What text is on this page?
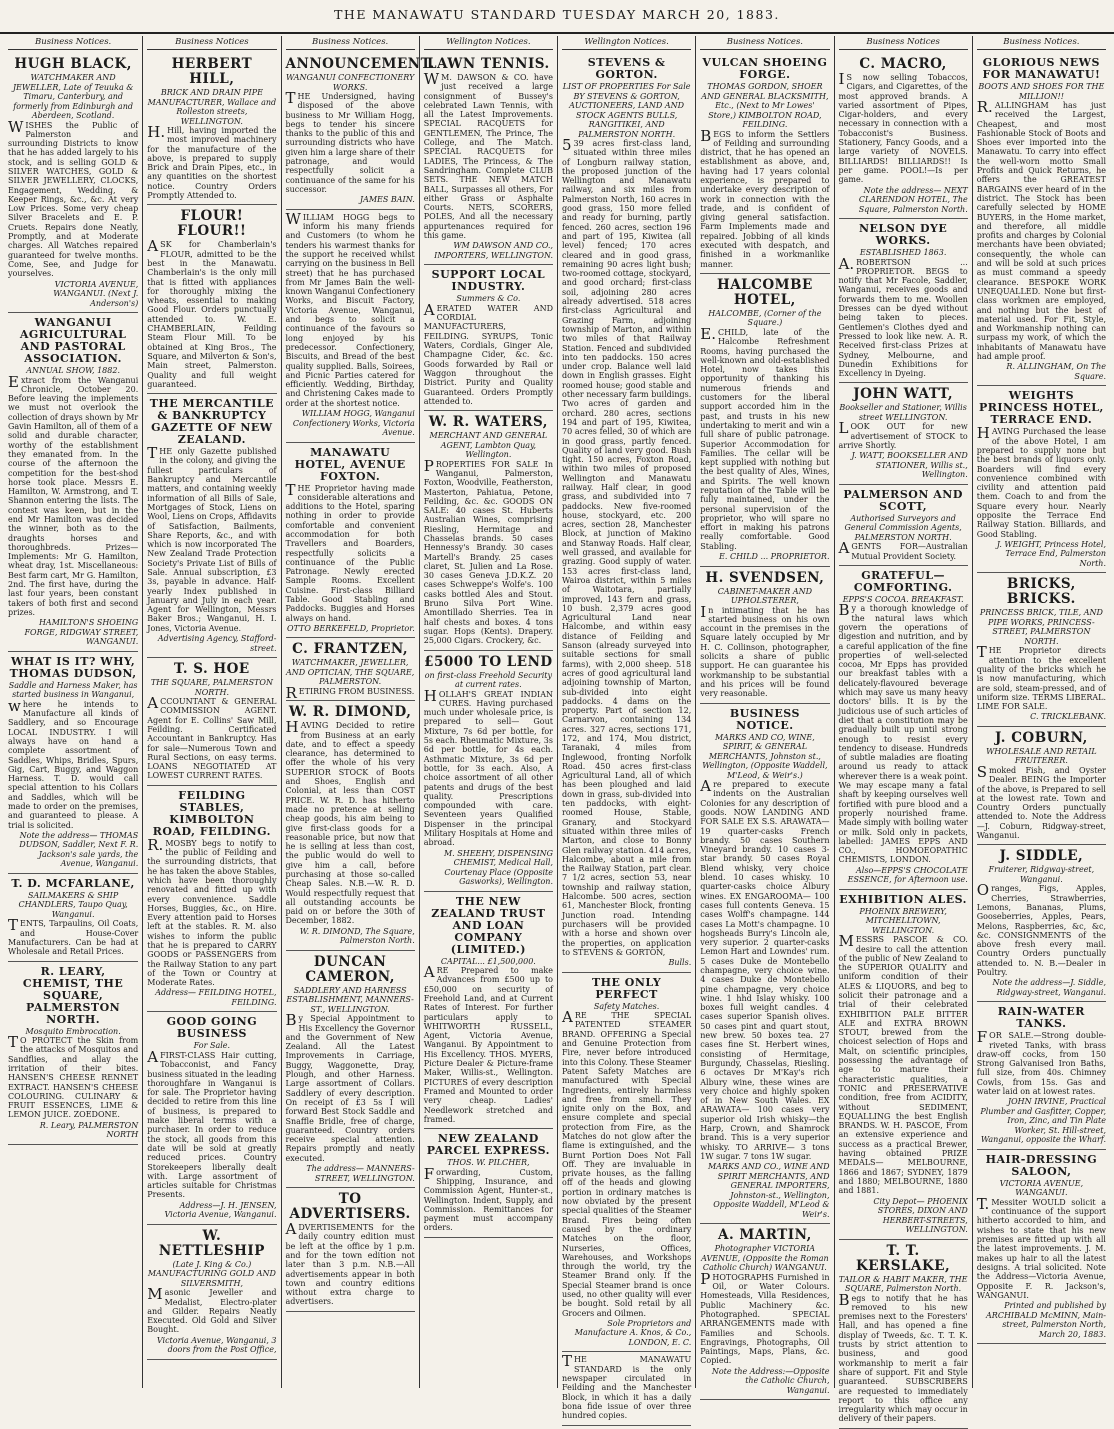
THE MANAWATU STANDARD TUESDAY MARCH 20, 1883.
Business Notices.
HUGH BLACK,
WATCHMAKER AND JEWELLER, Late of Teuuka & Timaru, Canterbury, and formerly from Edinburgh and Aberdeen, Scotland.
WISHES the Public of Palmerston and surrounding Districts to know that he has added largely to his stock, and is selling GOLD & SILVER WATCHES, GOLD & SILVER JEWELLERY, CLOCKS, Engagement, Wedding, & Keeper Rings, &c., &c. At very Low Prices. Some very cheap Silver Bracelets and E. P. Cruets. Repairs done Neatly, Promptly, and at Moderate charges. All Watches repaired guaranteed for twelve months. Come, See, and Judge for yourselves.
VICTORIA AVENUE, WANGANUI. (Next J. Anderson's)
WANGANUI AGRICULTURAL AND PASTORAL ASSOCIATION.
ANNUAL SHOW, 1882.
Extract from the Wanganui Chronicle, October 20. Before leaving the implements we must not overlook the collection of drays shown by Mr Gavin Hamilton, all of them of a solid and durable character, worthy of the establishment they emanated from. In the course of the afternoon the competition for the best-shod horse took place. Messrs E. Hamilton, W. Armstrong, and T. Shannon entering the lists. The contest was keen, but in the end Mr Hamilton was decided the winner, both as to the draughts horses and thoroughbreds. Prizes—Implements: Mr G. Hamilton, wheat dray, 1st. Miscellaneous: Best farm cart, Mr G. Hamilton, 2nd. The first have, during the last four years, been constant takers of both first and second prizes.
HAMILTON'S SHOEING FORGE, RIDGWAY STREET, WANGANUI.
WHAT IS IT? WHY, THOMAS DUDSON,
Saddle and Harness Maker, has started business in Wanganui,
where he intends to Manufacture all kinds of Saddlery, and so Encourage LOCAL INDUSTRY. I will always have on hand a complete assortment of Saddles, Whips, Bridles, Spurs, Gig, Cart, Buggy, and Waggon Harness. T. D. would call special attention to his Collars and Saddles, which will be made to order on the premises, and guaranteed to please. A trial is solicited.
Note the address— THOMAS DUDSON, Saddler, Next F. R. Jackson's sale yards, the Avenue, Wanganui.
T. D. MCFARLANE,
SAILMAKERS & SHIP CHANDLERS, Taupo Quay, Wanganui.
TENTS, Tarpaulins, Oil Coats, and House-Cover Manufacturers. Can be had at Wholesale and Retail Prices.
R. LEARY, CHEMIST, THE SQUARE, PALMERSTON NORTH.
Mosquito Embrocation.
TO PROTECT the Skin from the attacks of Mosquitos and Sandflies, and allay the irritation of their bites. HANSEN'S CHEESE RENNET EXTRACT. HANSEN'S CHEESE COLOURING. CULINARY & FRUIT ESSENCES, LIME & LEMON JUICE. ZOEDONE.
R. Leary, PALMERSTON NORTH
Business Notices
HERBERT HILL,
BRICK AND DRAIN PIPE MANUFACTURER, Wallace and Rolleston streets, WELLINGTON.
H.Hill, having imported the most improved machinery for the manufacture of the above, is prepared to supply Brick and Drain Pipes, etc., in any quantities on the shortest notice. Country Orders Promptly Attended to.
FLOUR! FLOUR!!
ASK for Chamberlain's FLOUR, admitted to be the best in the Manawatu. Chamberlain's is the only mill that is fitted with appliances for thoroughly mixing the wheats, essential to making Good Flour. Orders punctually attended to. W. E. CHAMBERLAIN, Feilding Steam Flour Mill. To be obtained at King Bros., The Square, and Milverton & Son's, Main street, Palmerston. Quality and full weight guaranteed.
THE MERCANTILE & BANKRUPTCY GAZETTE OF NEW ZEALAND.
THE only Gazette published in the colony, and giving the fullest particulars of Bankruptcy and Mercantile matters, and containing weekly information of all Bills of Sale, Mortgages of Stock, Liens on Wool, Liens on Crops, Affidavits of Satisfaction, Bailments, Share Reports, &c., and with which is now incorporated The New Zealand Trade Protection Society's Private List of Bills of Sale. Annual subscription, £3 3s, payable in advance. Half-yearly Index published in January and July in each year. Agent for Wellington, Messrs Baker Bros.; Wanganui, H. I. Jones, Victoria Avenue.
Advertising Agency, Stafford-street.
T. S. HOE
THE SQUARE, PALMERSTON NORTH.
ACCOUNTANT & GENERAL COMMISSION AGENT. Agent for E. Collins' Saw Mill, Feilding. Certificated Accountant in Bankruptcy. Has for sale—Numerous Town and Rural Sections, on easy terms. LOANS NEGOTIATED AT LOWEST CURRENT RATES.
FEILDING STABLES, KIMBOLTON ROAD, FEILDING.
R.MOSBY begs to notify to the public of Feilding and the surrounding districts, that he has taken the above Stables, which have been thoroughly renovated and fitted up with every convenience. Saddle Horses, Buggies, &c., on Hire. Every attention paid to Horses left at the stables. R. M. also wishes to inform the public that he is prepared to CARRY GOODS or PASSENGERS from the Railway Station to any part of the Town or Country at Moderate Rates.
Address— FEILDING HOTEL, FEILDING.
GOOD GOING BUSINESS
For Sale.
AFIRST-CLASS Hair cutting, Tobacconist, and Fancy business situated in the leading thoroughfare in Wanganui is for sale. The Proprietor having decided to retire from this line of business, is prepared to make liberal terms with a purchaser. In order to reduce the stock, all goods from this date will be sold at greatly reduced prices. Country Storekeepers liberally dealt with. Large assortment of articles suitable for Christmas Presents.
Address—J. H. JENSEN, Victoria Avenue, Wanganui.
W. NETTLESHIP
(Late J. King & Co.) MANUFACTURING GOLD AND SILVERSMITH,
Masonic Jeweller and Medalist, Electro-plater and Gilder. Repairs Neatly Executed. Old Gold and Silver Bought.
Victoria Avenue, Wanganui, 3 doors from the Post Office,
Business Notices.
ANNOUNCEMENT.
WANGANUI CONFECTIONERY WORKS.
THE Undersigned, having disposed of the above business to Mr William Hogg, begs to tender his sincere thanks to the public of this and surrounding districts who have given him a large share of their patronage, and would respectfully solicit a continuance of the same for his successor.
JAMES BAIN.
WILLIAM HOGG begs to inform his many friends and Customers (to whom he tenders his warmest thanks for the support he received whilst carrying on the business in Bell street) that he has purchased from Mr James Bain the well-known Wanganui Confectionery Works, and Biscuit Factory, Victoria Avenue, Wanganui, and begs to solicit a continuance of the favours so long enjoyed by his predecessor. Confectionery, Biscuits, and Bread of the best quality supplied. Balls, Soirees, and Picnic Parties catered for efficiently. Wedding, Birthday, and Christening Cakes made to order at the shortest notice.
WILLIAM HOGG, Wanganui Confectionery Works, Victoria Avenue.
MANAWATU HOTEL, AVENUE FOXTON.
THE Proprietor having made considerable alterations and additions to the Hotel, sparing nothing in order to provide comfortable and convenient accommodation for both Travellers and Boarders, respectfully solicits a continuance of the Public Patronage. Newly erected Sample Rooms. Excellent Cuisine. First-class Billiard Table. Good Stabling and Paddocks. Buggies and Horses always on hand.
OTTO BERKEFELD, Proprietor.
C. FRANTZEN,
WATCHMAKER, JEWELLER, AND OPTICIAN, THE SQUARE, PALMERSTON.
RETIRING FROM BUSINESS.
W. R. DIMOND,
HAVING Decided to retire from Business at an early date, and to effect a speedy clearance, has determined to offer the whole of his very SUPERIOR STOCK of Boots and Shoes, English and Colonial, at less than COST PRICE. W. R. D. has hitherto made no pretence at selling cheap goods, his aim being to give first-class goods for a reasonable price, but now that he is selling at less than cost, the public would do well to give him a call, before purchasing at those so-called Cheap Sales. N.B.—W. R. D. Would respectfully request that all outstanding accounts be paid on or before the 30th of December, 1882.
W. R. DIMOND, The Square, Palmerston North.
DUNCAN CAMERON,
SADDLERY AND HARNESS ESTABLISHMENT, MANNERS-ST., WELLINGTON.
By Special Appointment to His Excellency the Governor and the Government of New Zealand. All the Latest Improvements in Carriage, Buggy, Waggonette, Dray, Plough, and other Harness. Large assortment of Collars. Saddlery of every description. On receipt of £3 5s I will forward Best Stock Saddle and Snaffle Bridle, free of charge, guaranteed. Country orders receive special attention. Repairs promptly and neatly executed.
The address— MANNERS-STREET, WELLINGTON.
TO ADVERTISERS.
ADVERTISEMENTS for the daily country edition must be left at the office by 1 p.m. and for the town edition not later than 3 p.m. N.B.—All advertisements appear in both town and country editions without extra charge to advertisers.
Wellington Notices.
LAWN TENNIS.
WM. DAWSON & CO. have just received a large consignment of Bussey's celebrated Lawn Tennis, with all the Latest Improvements. SPECIAL RACQUETS for GENTLEMEN, The Prince, The College, and The Match. SPECIAL RACQUETS for LADIES, The Princess, & The Sandringham. Complete CLUB SETS. THE NEW MATCH BALL, Surpasses all others, For either Grass or Asphalte Courts. NETS, SCORERS, POLES, And all the necessary appurtenances required for this game.
WM DAWSON AND CO., IMPORTERS, WELLINGTON.
SUPPORT LOCAL INDUSTRY.
Summers & Co.
AERATED WATER AND CORDIAL MANUFACTURERS, FEILDING. SYRUPS, Tonic Waters, Cordials, Ginger Ale, Champagne Cider, &c. &c. Goods forwarded by Rail or Waggon throughout the District. Purity and Quality Guaranteed. Orders Promptly attended to.
W. R. WATERS,
MERCHANT AND GENERAL AGENT, Lambton Quay, Wellington.
PROPERTIES FOR SALE In Wanganui, Palmerston, Foxton, Woodville, Featherston, Masterton, Pahiatua, Petone, Feilding, &c. &c. GOODS ON SALE: 40 cases St. Huberts Australian Wines, comprising Riesling, Hermitage and Chasselas brands. 50 cases Hennessy's Brandy. 30 cases Martell's Brandy. 25 cases claret, St. Julien and La Rose. 30 cases Geneva J.D.K.Z. 20 cases Schweppe's Wolfe's. 100 casks bottled Ales and Stout. Bruno Silva Port Wine. Amontillado Sherries. Tea in half chests and boxes. 4 tons sugar. Hops (Kents). Drapery. 25,000 Cigars. Crockery, &c.
£5000 TO LEND
on first-class Freehold Security at current rates.
HOLLAH'S GREAT INDIAN CURES. Having purchased much under wholesale price, is prepared to sell— Gout Mixture, 7s 6d per bottle, for 5s each. Rheumatic Mixture, 3s 6d per bottle, for 4s each. Asthmatic Mixture, 3s 6d per bottle, for 3s each. Also, A choice assortment of all other patents and drugs of the best quality. Prescriptions compounded with care. Seventeen years Qualified Dispenser in the principal Military Hospitals at Home and abroad.
M. SHEEHY, DISPENSING CHEMIST, Medical Hall, Courtenay Place (Opposite Gasworks), Wellington.
THE NEW ZEALAND TRUST AND LOAN COMPANY (LIMITED.)
CAPITAL... £1,500,000.
ARE Prepared to make Advances from £500 up to £50,000 on security of Freehold Land, and at Current Rates of Interest. For further particulars apply to WHITWORTH RUSSELL, Agent, Victoria Avenue, Wanganui. By Appointment to His Excellency. THOS. MYERS, Picture Dealer & Picture-frame Maker, Willis-st., Wellington. PICTURES of every description Framed and Mounted to order very cheap. Ladies' Needlework stretched and framed.
NEW ZEALAND PARCEL EXPRESS.
THOS. W. PILCHER,
Forwarding, Custom, Shipping, Insurance, and Commission Agent, Hunter-st., Wellington. Indent, Supply, and Commission. Remittances for payment must accompany orders.
Wellington Notices.
STEVENS & GORTON.
LIST OF PROPERTIES For Sale BY STEVENS & GORTON, AUCTIONEERS, LAND AND STOCK AGENTS BULLS, RANGITIKEI, AND PALMERSTON NORTH.
539 acres first-class land, situated within three miles of Longburn railway station, the proposed junction of the Wellington and Manawatu railway, and six miles from Palmerston North, 160 acres in good grass, 150 more felled and ready for burning, partly fenced. 260 acres, section 196 and part of 195, Kiwitea (all level) fenced; 170 acres cleared and in good grass, remaining 90 acres light bush; two-roomed cottage, stockyard, and good orchard; first-class soil, adjoining 280 acres already advertised. 518 acres first-class Agricultural and Grazing Farm, adjoining township of Marton, and within two miles of that Railway Station. Fenced and subdivided into ten paddocks. 150 acres under crop. Balance well laid down in English grasses. Eight roomed house; good stable and other necessary farm buildings. Two acres of garden and orchard. 280 acres, sections 194 and part of 195, Kiwitea, 70 acres felled, 30 of which are in good grass, partly fenced. Quality of land very good. Bush tight. 150 acres, Foxton Road, within two miles of proposed Wellington and Manawatu railway. Half clear, in good grass, and subdivided into 7 paddocks. New five-roomed house, stockyard, etc. 200 acres, section 28, Manchester Block, at junction of Makino and Stanway Roads. Half clear, well grassed, and available for grazing. Good supply of water. 153 acres first-class land, Wairoa district, within 5 miles of Waitotara, partially improved, 143 fern and grass, 10 bush. 2,379 acres good Agricultural Land near Halcombe, and within easy distance of Feilding and Sanson (already surveyed into suitable sections for small farms), with 2,000 sheep. 518 acres of good agricultural land adjoining township of Marton, sub-divided into eight paddocks. 4 dams on the property. Part of section 12, Carnarvon, containing 134 acres. 327 acres, sections 171, 172, and 174, Mou district, Taranaki, 4 miles from Inglewood, fronting Norfolk Road. 450 acres first-class Agricultural Land, all of which has been ploughed and laid down in grass, sub-divided into ten paddocks, with eight-roomed House, Stable, Granary, and Stockyard situated within three miles of Marton, and close to Bonny Glen railway station. 414 acres, Halcombe, about a mile from the Railway Station, part clear. 7 1/2 acres, section 53, near township and railway station, Halcombe. 500 acres, section 61, Manchester Block, fronting Junction road. Intending purchasers will be provided with a horse and shown over the properties, on application to STEVENS & GORTON,
Bulls.
THE ONLY PERFECT
Safety Matches.
ARE THE SPECIAL PATENTED STEAMER BRAND. OFFERING a Special and Genuine Protection from Fire, never before introduced into this Colony. These Steamer Patent Safety Matches are manufactured with Special Ingredients, entirely harmless and free from smell. They ignite only on the Box, and ensure complete and special protection from Fire, as the Matches do not glow after the flame is extinguished, and the Burnt Portion Does Not Fall Off. They are invaluable in private houses, as the falling off of the heads and glowing portion in ordinary matches is now obviated by the present special qualities of the Steamer Brand. Fires being often caused by the ordinary Matches on the floor, Nurseries, Offices, Warehouses, and Workshops through the world, try the Steamer Brand only. If the Special Steamer brand is once used, no other quality will ever be bought. Sold retail by all Grocers and Oilmen.
Sole Proprietors and Manufacture A. Knos, & Co., LONDON, E. C.
THE MANAWATU STANDARD is the only newspaper circulated in Feilding and the Manchester Block, in which it has a daily bona fide issue of over three hundred copies.
Business Notices.
VULCAN SHOEING FORGE.
THOMAS GORDON, SHOER AND GENERAL BLACKSMITH, Etc., (Next to Mr Lowes' Store,) KIMBOLTON ROAD, FEILDING.
BEGS to inform the Settlers of Feilding and surrounding district, that he has opened an establishment as above, and, having had 17 years colonial experience, is prepared to undertake every description of work in connection with the trade, and is confident of giving general satisfaction. Farm Implements made and repaired. Jobbing of all kinds executed with despatch, and finished in a workmanlike manner.
HALCOMBE HOTEL,
HALCOMBE, (Corner of the Square.)
E.CHILD, late of the Halcombe Refreshment Rooms, having purchased the well-known and old-established Hotel, now takes this opportunity of thanking his numerous friends and customers for the liberal support accorded him in the past, and trusts in his new undertaking to merit and win a full share of public patronage. Superior Accommodation for Families. The cellar will be kept supplied with nothing but the best quality of Ales, Wines, and Spirits. The well known reputation of the Table will be fully maintained, under the personal supervision of the proprietor, who will spare no effort in making his patrons really comfortable. Good Stabling.
E. CHILD ... PROPRIETOR.
H. SVENDSEN,
CABINET-MAKER AND UPHOLSTERER,
In intimating that he has started business on his own account in the premises in the Square lately occupied by Mr H. C. Collinson, photographer, solicits a share of public support. He can guarantee his workmanship to be substantial and his prices will be found very reasonable.
BUSINESS NOTICE.
MARKS AND CO, WINE, SPIRIT, & GENERAL MERCHANTS, Johnston st., Wellington, (Opposite Waddell, M'Leod, & Weir's.)
Are prepared to execute indents on the Australian Colonies for any description of goods. NOW LANDING AND FOR SALE EX S.S. ARAWATA— 19 quarter-casks French brandy. 50 cases Southern Vineyard brandy. 10 cases 3-star brandy. 50 cases Royal Blend whisky, very choice blend. 10 cases whisky. 10 quarter-casks choice Albury wines. EX ENGAROOMA— 100 cases full contents Geneva. 15 cases Wolff's champagne. 144 cases La Mott's champagne. 10 hogsheads Burry's Lincoln ale, very superior. 2 quarter-casks Lemon Hart and Lowndes' rum. 5 cases Duke de Montebello champagne, very choice wine. 4 cases Duke de Montebello pine champagne, very choice wine. 1 hhd Islay whisky. 100 boxes full weight candles. 4 cases superior Spanish olives. 50 cases pint and quart stout, new brew. 50 boxes tea. 27 cases fine St. Herbert wines, consisting of Hermitage, Burgundy, Chasselas, Riesling. 6 octaves Dr M'Kay's rich Albury wine, these wines are very choice and highly spoken of in New South Wales. EX ARAWATA— 100 cases very superior old Irish whisky—the Harp, Crown, and Shamrock brand. This is a very superior whisky. TO ARRIVE— 3 tons 1W sugar. 7 tons 1W sugar.
MARKS AND CO., WINE AND SPIRIT MERCHANTS, AND GENERAL IMPORTERS, Johnston-st., Wellington, Opposite Waddell, M'Leod & Weir's.
A. MARTIN,
Photographer VICTORIA AVENUE, (Opposite the Roman Catholic Church) WANGANUI.
PHOTOGRAPHS Furnished in Oil, or Water Colours. Homesteads, Villa Residences, Public Machinery &c. Photographed. SPECIAL ARRANGEMENTS made with Families and Schools. Engravings, Photographs, Oil Paintings, Maps, Plans, &c. Copied.
Note the Address:—Opposite the Catholic Church, Wanganui.
Business Notices
C. MACRO,
IS now selling Tobaccos, Cigars, and Cigarettes, of the most approved brands. A varied assortment of Pipes, Cigar-holders, and every necessary in connection with a Tobacconist's Business. Stationery, Fancy Goods, and a large variety of NOVELS. BILLIARDS! BILLIARDS!! Is per game. POOL!—Is per game.
Note the address— NEXT CLARENDON HOTEL, The Square, Palmerston North.
NELSON DYE WORKS.
ESTABLISHED 1863.
A.ROBERTSON ... PROPRIETOR. BEGS to notify that Mr Facole, Saddler, Wanganui, receives goods and forwards them to me. Woollen Dresses can be dyed without being taken to pieces. Gentlemen's Clothes dyed and Pressed to look like new. A. R. Received first-class Prizes at Sydney, Melbourne, and Dunedin Exhibitions for Excellency in Dyeing.
JOHN WATT,
Bookseller and Stationer, Willis street WELLINGTON.
LOOK OUT for new advertisement of STOCK to arrive Shortly.
J. WATT, BOOKSELLER AND STATIONER, Willis st., Wellington.
PALMERSON AND SCOTT,
Authorised Surveyors and General Commission Agents, PALMERSTON NORTH.
AGENTS FOR—Australian Mutual Provident Society.
GRATEFUL—COMFORTING.
EPPS'S COCOA. BREAKFAST.
By a thorough knowledge of the natural laws which govern the operations of digestion and nutrition, and by a careful application of the fine properties of well-selected cocoa, Mr Epps has provided our breakfast tables with a delicately-flavoured beverage which may save us many heavy doctors' bills. It is by the judicious use of such articles of diet that a constitution may be gradually built up until strong enough to resist every tendency to disease. Hundreds of subtle maladies are floating around us ready to attack wherever there is a weak point. We may escape many a fatal shaft by keeping ourselves well fortified with pure blood and a properly nourished frame. Made simply with boiling water or milk. Sold only in packets, labelled: JAMES EPPS AND CO., HOMOEOPATHIC CHEMISTS, LONDON.
Also—EPPS'S CHOCOLATE ESSENCE, for Afternoon use.
EXHIBITION ALES.
PHOENIX BREWERY, MITCHELLTOWN, WELLINGTON.
MESSRS PASCOE & CO. desire to call the attention of the public of New Zealand to the SUPERIOR QUALITY and uniform condition of their ALES & LIQUORS, and beg to solicit their patronage and a trial of their celebrated EXHIBITION PALE BITTER ALE and EXTRA BROWN STOUT, brewed from the choicest selection of Hops and Malt, on scientific principles, possessing the advantage of age to mature their characteristic qualities, a TONIC and PRESERVATIVE condition, free from ACIDITY, without SEDIMENT, EQUALLING the best English BRANDS. W. H. PASCOE, From an extensive experience and success as a practical Brewer, having obtained PRIZE MEDALS— MELBOURNE, 1866 and 1867; SYDNEY, 1879 and 1880; MELBOURNE, 1880 and 1881.
City Depot— PHOENIX STORES, DIXON AND HERBERT-STREETS, WELLINGTON.
T. T. KERSLAKE,
TAILOR & HABIT MAKER, THE SQUARE, Palmerston North.
Begs to notify that he has removed to his new premises next to the Foresters' Hall, and has opened a fine display of Tweeds, &c. T. T. K. trusts by strict attention to business, and good workmanship to merit a fair share of support. Fit and Style guaranteed. SUBSCRIBERS are requested to immediately report to this office any irregularity which may occur in delivery of their papers.
Business Notices.
GLORIOUS NEWS FOR MANAWATU!
BOOTS AND SHOES FOR THE MILLION!!
R.ALLINGHAM has just received the Largest, Cheapest, and most Fashionable Stock of Boots and Shoes ever imported into the Manawatu. To carry into effect the well-worn motto Small Profits and Quick Returns, he offers the GREATEST BARGAINS ever heard of in the district. The Stock has been carefully selected by HOME BUYERS, in the Home market, and therefore, all middle profits and charges by Colonial merchants have been obviated; consequently, the whole can and will be sold at such prices as must command a speedy clearance. BESPOKE WORK UNEQUALLED. None but first-class workmen are employed, and nothing but the best of material used. For Fit, Style, and Workmanship nothing can surpass my work, of which the inhabitants of Manawatu have had ample proof.
R. ALLINGHAM, On The Square.
WEIGHTS PRINCESS HOTEL, TERRACE END.
HAVING Purchased the lease of the above Hotel, I am prepared to supply none but the best brands of liquors only. Boarders will find every convenience combined with civility and attention paid them. Coach to and from the Square every hour. Nearly opposite the Terrace End Railway Station. Billiards, and Good Stabling.
J. WEIGHT, Princess Hotel, Terrace End, Palmerston North.
BRICKS, BRICKS.
PRINCESS BRICK, TILE, AND PIPE WORKS, PRINCESS-STREET, PALMERSTON NORTH.
THE Proprietor directs attention to the excellent quality of the bricks which he is now manufacturing, which are sold, steam-pressed, and of uniform size. TERMS LIBERAL. LIME FOR SALE.
C. TRICKLEBANK.
J. COBURN,
WHOLESALE AND RETAIL FRUITERER.
Smoked Fish, and Oyster Dealer. BEING the Importer of the above, is Prepared to sell at the lowest rate. Town and Country Orders punctually attended to. Note the Address—J. Coburn, Ridgway-street, Wanganui.
J. SIDDLE,
Fruiterer, Ridgway-street, Wanganui.
Oranges, Figs, Apples, Cherries, Strawberries, Lemons, Bananas, Plums, Gooseberries, Apples, Pears, Melons, Raspberries, &c, &c, &c. CONSIGNMENTS of the above fresh every mail. Country Orders punctually attended to. N. B.—Dealer in Poultry.
Note the address—J. Siddle, Ridgway-street, Wanganui.
RAIN-WATER TANKS.
FOR SALE.—Strong double-riveted Tanks, with brass draw-off cocks, from 150 Strong Galvanised Iron Baths, full size, from 40s. Chimney Cowls, from 15s. Gas and water laid on at lowest rates.
JOHN IRVINE, Practical Plumber and Gasfitter, Copper, Iron, Zinc, and Tin Plate Worker, St. Hill-street, Wanganui, opposite the Wharf.
HAIR-DRESSING SALOON,
VICTORIA AVENUE, WANGANUI.
T.Messiter WOULD solicit a continuance of the support hitherto accorded to him, and wishes to state that his new premises are fitted up with all the latest improvements. J. M. makes up hair to all the latest designs. A trial solicited. Note the Address—Victoria Avenue, Opposite F. R. Jackson's, WANGANUI.
Printed and published by ARCHIBALD McMINN, Main-street, Palmerston North, March 20, 1883.
